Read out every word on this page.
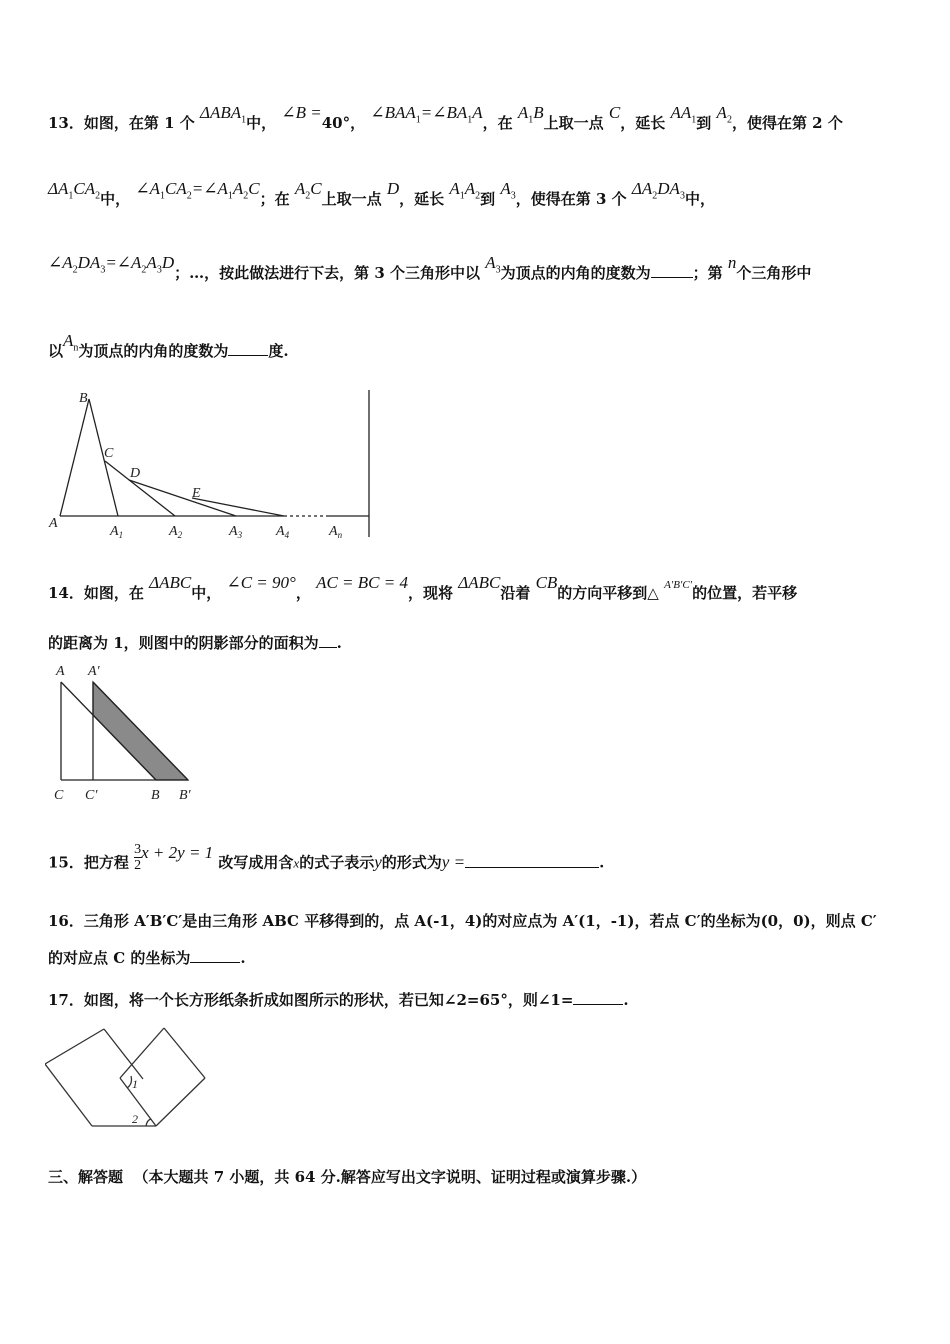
13．如图，在第 1 个 $\Delta ABA_1$中， ∠B =40°， $\angle BAA_1=\angle BA_1A$，在 $A_1B$上取一点 C，延长 $AA_1$到 $A_2$，使得在第 2 个
$\Delta A_1CA_2$中， $\angle A_1CA_2=\angle A_1A_2C$；在 $A_2C$上取一点 D，延长 $A_1A_2$到 $A_3$，使得在第 3 个 $\Delta A_2DA_3$中，
$\angle A_2DA_3=\angle A_2A_3D$；…，按此做法进行下去，第 3 个三角形中以 $A_3$为顶点的内角的度数为	；第 n个三角形中
以$A_n$为顶点的内角的度数为	度.
B
C
D
E
A
$A_1$	$A_2$	$A_3$ $A_4$	$A_n$
14．如图，在 ΔABC中， ∠C = 90°， AC = BC = 4，现将 ΔABC沿着 CB的方向平移到△ $^{A'B'C'}$的位置，若平移
的距离为 1，则图中的阴影部分的面积为 .
A A′
C C′	B B′
15．把方程 $\frac{3}{2}$ x + 2y = 1 改写成用含x的式子表示y的形式为y =	.
16．三角形 A′B′C′是由三角形 ABC 平移得到的，点 A(-1，4)的对应点为 A′(1，-1)，若点 C′的坐标为(0，0)，则点 C′
的对应点 C 的坐标为	.
17．如图，将一个长方形纸条折成如图所示的形状，若已知∠2=65°，则∠1=	.
1
2
三、解答题 （本大题共 7 小题，共 64 分.解答应写出文字说明、证明过程或演算步骤.）
